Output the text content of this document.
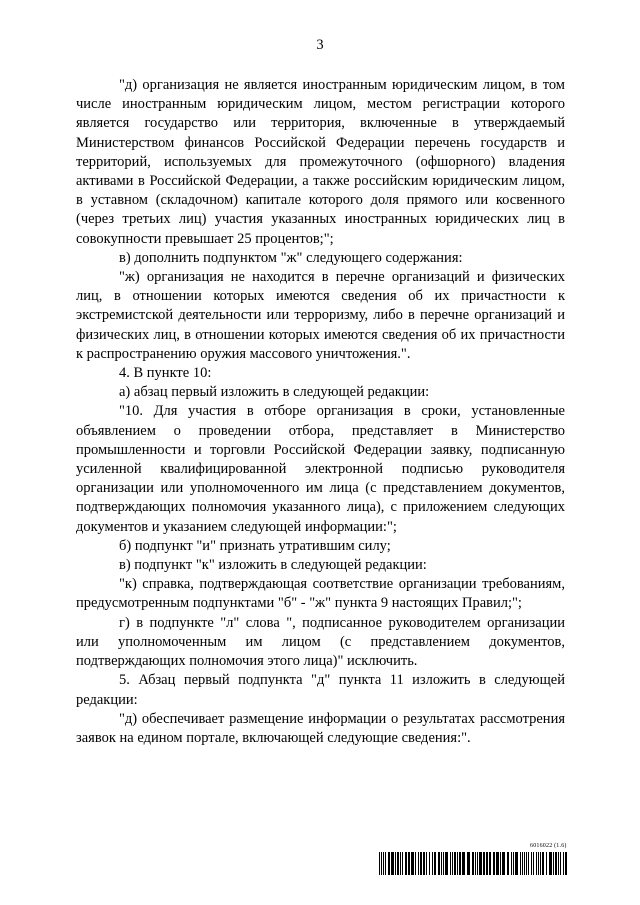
3

"д) организация не является иностранным юридическим лицом, в том числе иностранным юридическим лицом, местом регистрации которого является государство или территория, включенные в утверждаемый Министерством финансов Российской Федерации перечень государств и территорий, используемых для промежуточного (офшорного) владения активами в Российской Федерации, а также российским юридическим лицом, в уставном (складочном) капитале которого доля прямого или косвенного (через третьих лиц) участия указанных иностранных юридических лиц в совокупности превышает 25 процентов;";

в) дополнить подпунктом "ж" следующего содержания:

"ж) организация не находится в перечне организаций и физических лиц, в отношении которых имеются сведения об их причастности к экстремистской деятельности или терроризму, либо в перечне организаций и физических лиц, в отношении которых имеются сведения об их причастности к распространению оружия массового уничтожения.".

4. В пункте 10:

а) абзац первый изложить в следующей редакции:

"10. Для участия в отборе организация в сроки, установленные объявлением о проведении отбора, представляет в Министерство промышленности и торговли Российской Федерации заявку, подписанную усиленной квалифицированной электронной подписью руководителя организации или уполномоченного им лица (с представлением документов, подтверждающих полномочия указанного лица), с приложением следующих документов и указанием следующей информации:";

б) подпункт "и" признать утратившим силу;

в) подпункт "к" изложить в следующей редакции:

"к) справка, подтверждающая соответствие организации требованиям, предусмотренным подпунктами "б" - "ж" пункта 9 настоящих Правил;";

г) в подпункте "л" слова ", подписанное руководителем организации или уполномоченным им лицом (с представлением документов, подтверждающих полномочия этого лица)" исключить.

5. Абзац первый подпункта "д" пункта 11 изложить в следующей редакции:

"д) обеспечивает размещение информации о результатах рассмотрения заявок на едином портале, включающей следующие сведения:".

6016022 (1.6)
